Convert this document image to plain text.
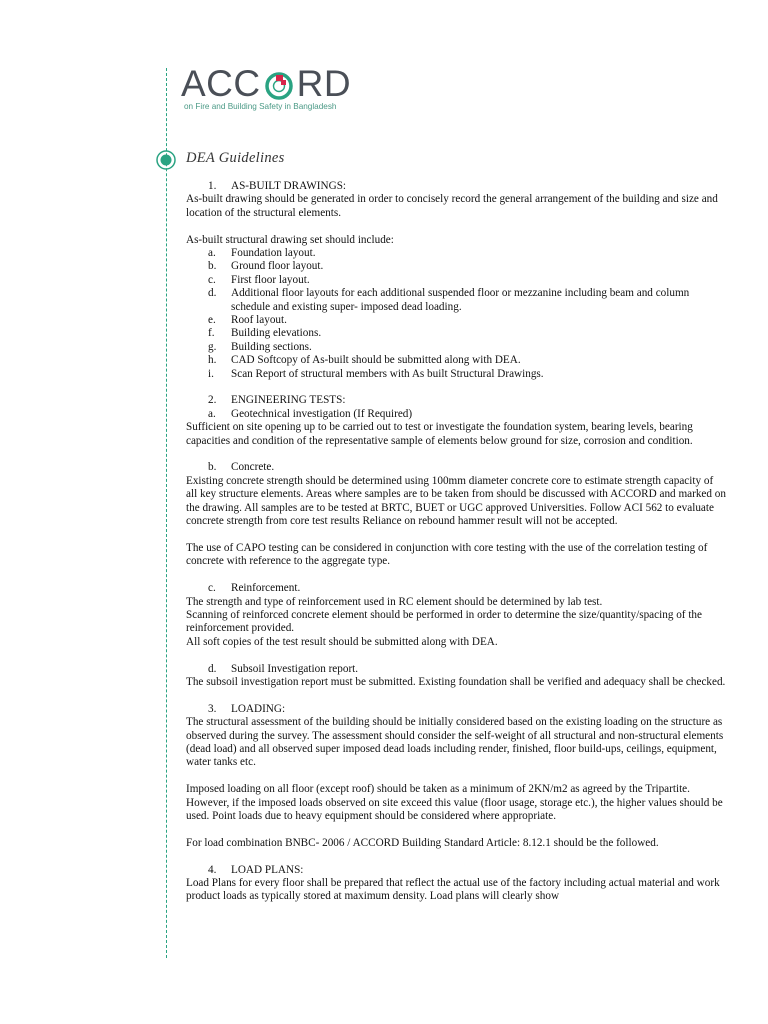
ACC RD
on Fire and Building Safety in Bangladesh
DEA Guidelines
1.	AS-BUILT DRAWINGS:

As-built drawing should be generated in order to concisely record the general arrangement of the building and size and location of the structural elements.

As-built structural drawing set should include:

a.	Foundation layout.
b.	Ground floor layout.
c.	First floor layout.
d.	Additional floor layouts for each additional suspended floor or mezzanine including beam and column schedule and existing super- imposed dead loading.
e.	Roof layout.
f.	Building elevations.
g.	Building sections.
h.	CAD Softcopy of As-built should be submitted along with DEA.
i.	Scan Report of structural members with As built Structural Drawings.
2.	ENGINEERING TESTS:
a.	Geotechnical investigation (If Required)

Sufficient on site opening up to be carried out to test or investigate the foundation system, bearing levels, bearing capacities and condition of the representative sample of elements below ground for size, corrosion and condition.

b.	Concrete.

Existing concrete strength should be determined using 100mm diameter concrete core to estimate strength capacity of all key structure elements. Areas where samples are to be taken from should be discussed with ACCORD and marked on the drawing. All samples are to be tested at BRTC, BUET or UGC approved Universities. Follow ACI 562 to evaluate concrete strength from core test results Reliance on rebound hammer result will not be accepted.

The use of CAPO testing can be considered in conjunction with core testing with the use of the correlation testing of concrete with reference to the aggregate type.

c.	Reinforcement.

The strength and type of reinforcement used in RC element should be determined by lab test.

Scanning of reinforced concrete element should be performed in order to determine the size/quantity/spacing of the reinforcement provided.

All soft copies of the test result should be submitted along with DEA.

d.	Subsoil Investigation report.

The subsoil investigation report must be submitted. Existing foundation shall be verified and adequacy shall be checked.

3.	LOADING:

The structural assessment of the building should be initially considered based on the existing loading on the structure as observed during the survey. The assessment should consider the self-weight of all structural and non-structural elements (dead load) and all observed super imposed dead loads including render, finished, floor build-ups, ceilings, equipment, water tanks etc.

Imposed loading on all floor (except roof) should be taken as a minimum of 2KN/m2 as agreed by the Tripartite. However, if the imposed loads observed on site exceed this value (floor usage, storage etc.), the higher values should be used. Point loads due to heavy equipment should be considered where appropriate.

For load combination BNBC- 2006 / ACCORD Building Standard Article: 8.12.1 should be the followed.

4.	LOAD PLANS:

Load Plans for every floor shall be prepared that reflect the actual use of the factory including actual material and work product loads as typically stored at maximum density. Load plans will clearly show
